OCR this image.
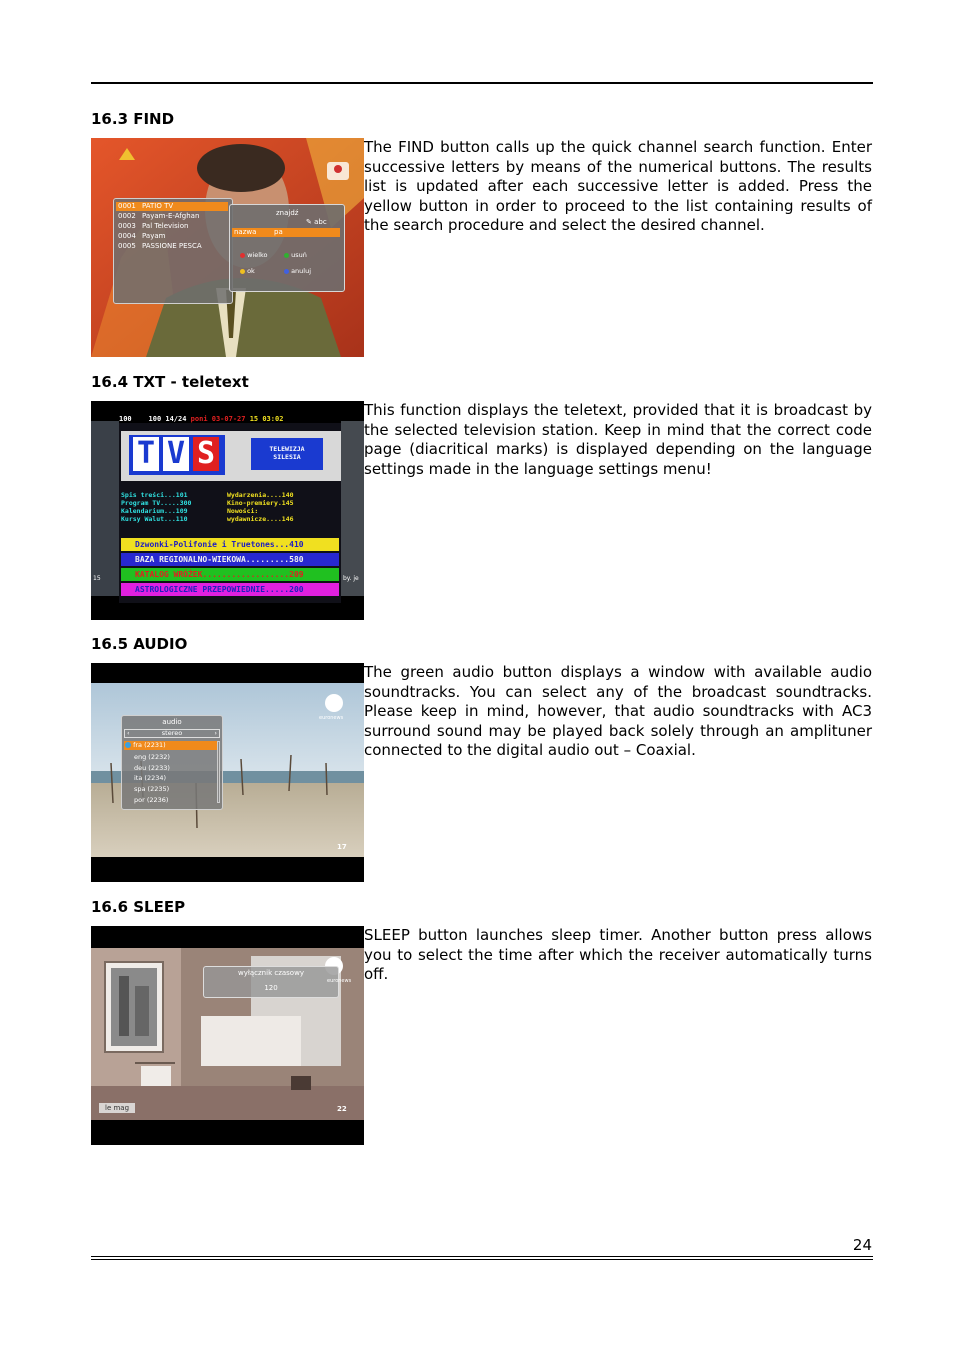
16.3 FIND
0001 PATIO TV
0002 Payam-E-Afghan
0003 Pal Television
0004 Payam
0005 PASSIONE PESCA
znajdź
✎ abc
nazwa	pa
wielko	usuń
ok	anuluj
The FIND button calls up the quick channel search function. Enter successive letters by means of the numerical buttons. The results list is updated after each successive letter is added. Press the yellow button in order to proceed to the list containing results of the search procedure and select the desired channel.
16.4 TXT - teletext
100 100 14/24 poni 03-07-27 15 03:02
T V S	TELEWIZJA
SILESIA
Spis treści...101
Program TV.....300
Kalendarium...109
Kursy Walut...110
Wydarzenia....140
Kino-premiery.145
Nowości:
wydawnicze....146
Dzwonki-Polifonie i Truetones...410
BAZA REGIONALNO-WIEKOWA.........580
KATALOG WRÓŻEK..................209
ASTROLOGICZNE PRZEPOWIEDNIE.....200
15	by. je
This function displays the teletext, provided that it is broadcast by the selected television station. Keep in mind that the correct code page (diacritical marks) is displayed depending on the language settings made in the language settings menu!
16.5 AUDIO
euronews
audio
‹	stereo	›
fra (2231)
eng (2232)
deu (2233)
ita (2234)
spa (2235)
por (2236)
17
The green audio button displays a window with available audio soundtracks. You can select any of the broadcast soundtracks. Please keep in mind, however, that audio soundtracks with AC3 surround sound may be played back solely through an amplituner connected to the digital audio out – Coaxial.
16.6 SLEEP
wyłącznik czasowy
120
euronews
le mag	22
SLEEP button launches sleep timer. Another button press allows you to select the time after which the receiver automatically turns off.
24
